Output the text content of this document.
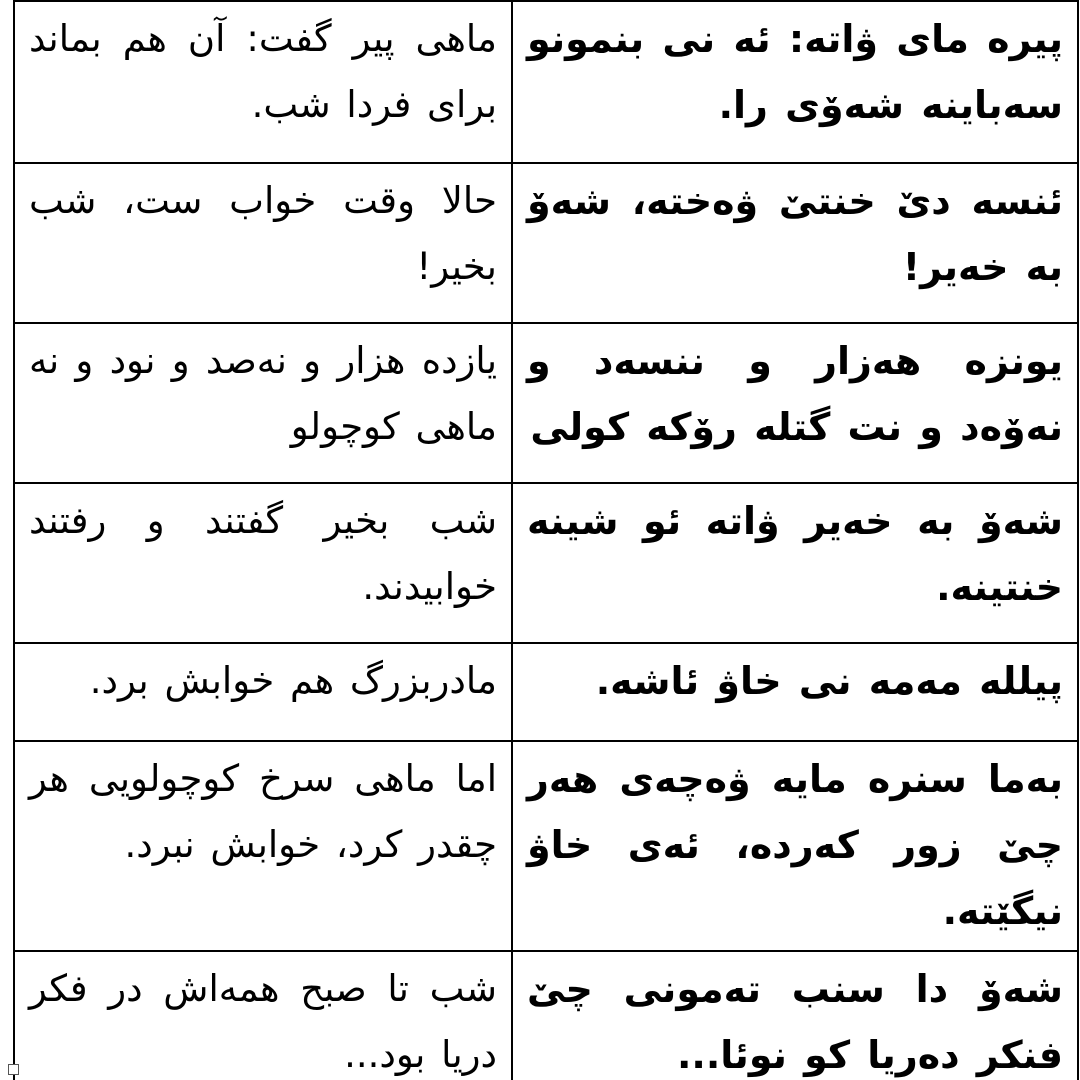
پیره مای ۋاته: ئه نی بنمونو سه‌باینه شه‌ۆی را.	ماهی پیر گفت: آن هم بماند برای فردا شب.
ئنسه دێ خنتێ ۋه‌خته، شه‌ۆ به خه‌یر!	حالا وقت خواب ست، شب بخیر!
یونزه هه‌زار و ننسه‌د و نه‌ۆه‌د و نت گتله رۆکه کولی	یازده هزار و نه‌صد و نود و نه ماهی کوچولو
شه‌ۆ به خه‌یر ۋاته ئو شینه خنتینه.	شب بخیر گفتند و رفتند خوابیدند.
پیلله مه‌مه نی خاۋ ئاشه.	مادربزرگ هم خوابش برد.
به‌ما سنره مایه ۋه‌چه‌ی هه‌ر چێ زور که‌رده، ئه‌ی خاۋ نیگێته.	اما ماهی سرخ کوچولویی هر چقدر کرد، خوابش نبرد.
شه‌ۆ دا سنب ته‌مونی چێ فنکر ده‌ریا کو نوئا...	شب تا صبح همه‌اش در فکر دریا بود...
